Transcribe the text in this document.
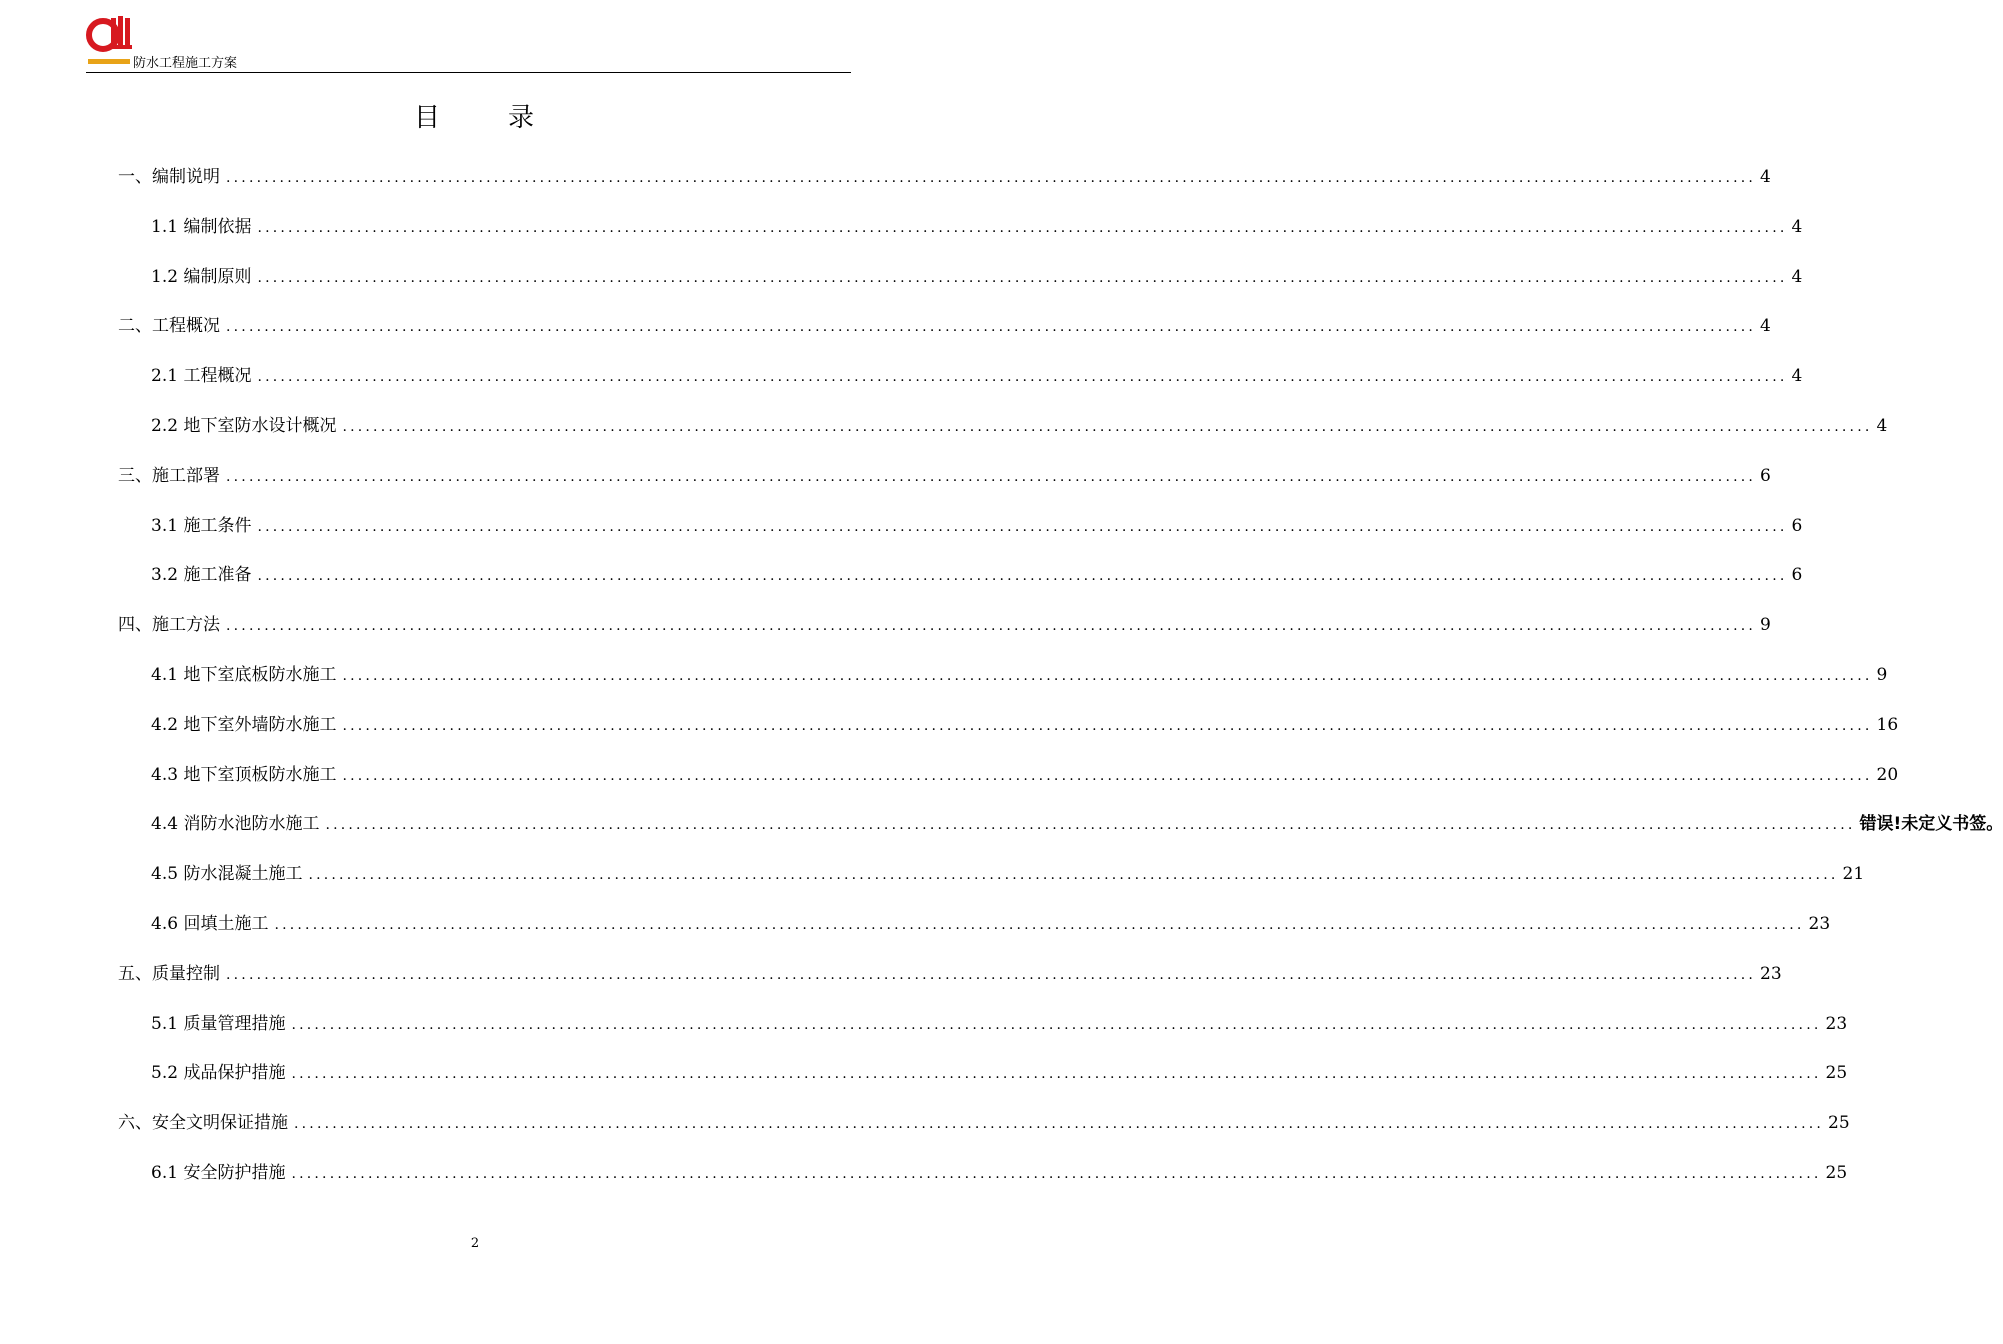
防水工程施工方案
目	录
一、编制说明 ........................................................................................................................................................................................................ 4
1.1 编制依据 ........................................................................................................................................................................................................ 4
1.2 编制原则 ........................................................................................................................................................................................................ 4
二、工程概况 ........................................................................................................................................................................................................ 4
2.1 工程概况 ........................................................................................................................................................................................................ 4
2.2 地下室防水设计概况 ........................................................................................................................................................................................................ 4
三、施工部署 ........................................................................................................................................................................................................ 6
3.1 施工条件 ........................................................................................................................................................................................................ 6
3.2 施工准备 ........................................................................................................................................................................................................ 6
四、施工方法 ........................................................................................................................................................................................................ 9
4.1 地下室底板防水施工 ........................................................................................................................................................................................................ 9
4.2 地下室外墙防水施工 ........................................................................................................................................................................................................ 16
4.3 地下室顶板防水施工 ........................................................................................................................................................................................................ 20
4.4 消防水池防水施工 ........................................................................................................................................................................................................ 错误!未定义书签。
4.5 防水混凝土施工 ........................................................................................................................................................................................................ 21
4.6 回填土施工 ........................................................................................................................................................................................................ 23
五、质量控制 ........................................................................................................................................................................................................ 23
5.1 质量管理措施 ........................................................................................................................................................................................................ 23
5.2 成品保护措施 ........................................................................................................................................................................................................ 25
六、安全文明保证措施 ........................................................................................................................................................................................................ 25
6.1 安全防护措施 ........................................................................................................................................................................................................ 25
2
